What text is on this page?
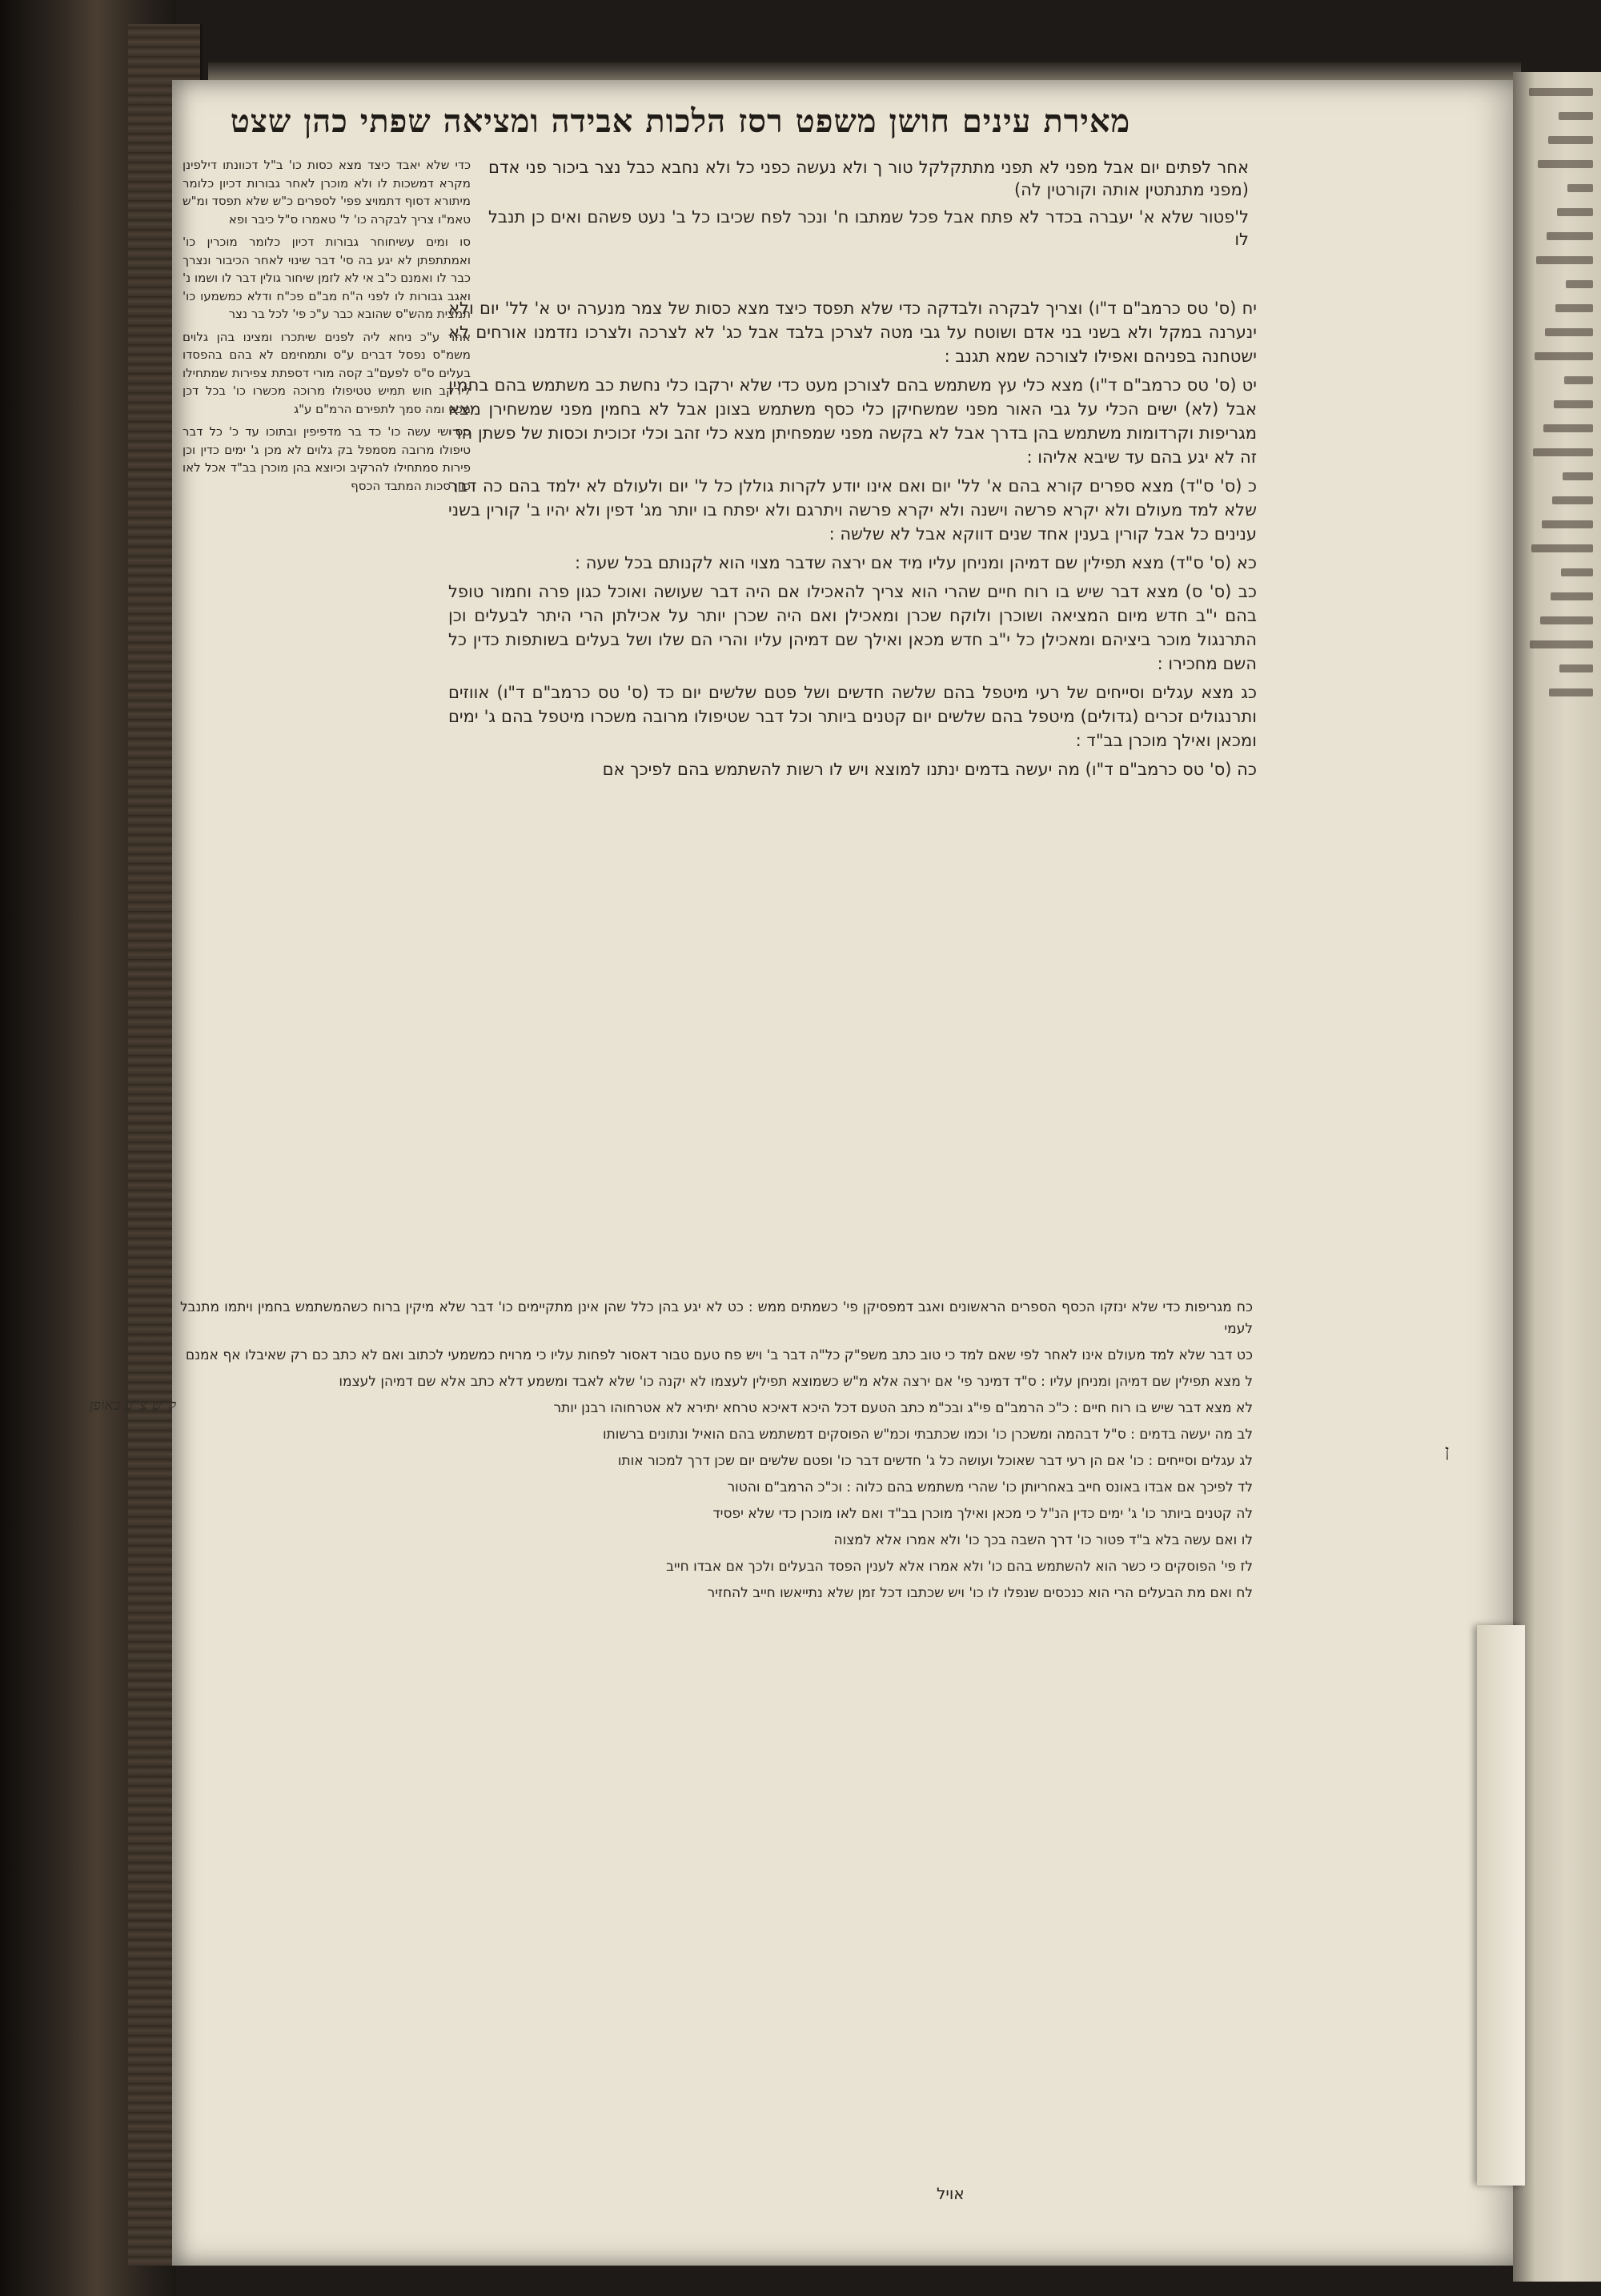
מאירת עינים חושן משפט רסז הלכות אבידה ומציאה שפתי כהן שצט

אחר לפתים יום אבל מפני לא תפני מתתקלקל טור ך ולא נעשה כפני כל ולא נחבא כבל נצר ביכור פני אדם (מפני מתנתטין אותה וקורטין לה)

ל'פטור שלא א' יעברה בכדר לא פתח אבל פכל שמתבו ח' ונכר לפח שכיבו כל ב' נעט פשהם ואים כן תנבל לו

יח (ס' טס כרמב"ם ד"ו) וצריך לבקרה ולבדקה כדי שלא תפסד כיצד מצא כסות של צמר מנערה יט א' לל' יום ולא ינערנה במקל ולא בשני בני אדם ושוטח על גבי מטה לצרכן בלבד אבל כג' לא לצרכה ולצרכו נזדמנו אורחים לא ישטחנה בפניהם ואפילו לצורכה שמא תגנב :

יט (ס' טס כרמב"ם ד"ו) מצא כלי עץ משתמש בהם לצורכן מעט כדי שלא ירקבו כלי נחשת כב משתמש בהם בחמין אבל (לא) ישים הכלי על גבי האור מפני שמשחיקן כלי כסף משתמש בצונן אבל לא בחמין מפני שמשחירן מצא מגריפות וקרדומות משתמש בהן בדרך אבל לא בקשה מפני שמפחיתן מצא כלי זהב וכלי זכוכית וכסות של פשתן הרי זה לא יגע בהם עד שיבא אליהו :

כ (ס' ס"ד) מצא ספרים קורא בהם א' לל' יום ואם אינו יודע לקרות גוללן כל ל' יום ולעולם לא ילמד בהם כה דבר שלא למד מעולם ולא יקרא פרשה וישנה ולא יקרא פרשה ויתרגם ולא יפתח בו יותר מג' דפין ולא יהיו ב' קורין בשני ענינים כל אבל קורין בענין אחד שנים דווקא אבל לא שלשה :

כא (ס' ס"ד) מצא תפילין שם דמיהן ומניחן עליו מיד אם ירצה שדבר מצוי הוא לקנותם בכל שעה :

כב (ס' ס) מצא דבר שיש בו רוח חיים שהרי הוא צריך להאכילו אם היה דבר שעושה ואוכל כגון פרה וחמור טופל בהם י"ב חדש מיום המציאה ושוכרן ולוקח שכרן ומאכילן ואם היה שכרן יותר על אכילתן הרי היתר לבעלים וכן התרנגול מוכר ביציהם ומאכילן כל י"ב חדש מכאן ואילך שם דמיהן עליו והרי הם שלו ושל בעלים בשותפות כדין כל השם מחכירו :

כג מצא עגלים וסייחים של רעי מיטפל בהם שלשה חדשים ושל פטם שלשים יום כד (ס' טס כרמב"ם ד"ו) אווזים ותרנגולים זכרים (גדולים) מיטפל בהם שלשים יום קטנים ביותר וכל דבר שטיפולו מרובה משכרו מיטפל בהם ג' ימים ומכאן ואילך מוכרן בב"ד :

כה (ס' טס כרמב"ם ד"ו) מה יעשה בדמים ינתנו למוצא ויש לו רשות להשתמש בהם לפיכך אם

כדי שלא יאבד כיצד מצא כסות כו' ב"ל דכוונתו דילפינן מקרא דמשכות לו ולא מוכרן לאחר גבורות דכיון כלומר מיתורא דסוף דתמויצ פפי' לספרים כ"ש שלא תפסד ומ"ש טאמ"ו צריך לבקרה כו' ל' טאמרו ס"ל כיבר ופא

סו ומים עשיחוחר גבורות דכיון כלומר מוכרין כו' ואמתתפתן לא יגע בה סי' דבר שינוי לאחר הכיבור ונצרך כבר לו ואמנם כ"ב אי לא לזמן שיחור גולין דבר לו ושמו נ' ואגב גבורות לו לפני ה"ח מב"ם פכ"ח ודלא כמשמעו כו' תמצית מהש"ס שהובא כבר ע"כ פי' לכל בר נצר

אחר ע"כ ניחא ליה לפנים שיתכרו ומצינו בהן גלוים משמ"ס נפסל דברים ע"ס ותמחימם לא בהם בהפסדו בעלים ס"ס לפעם"ב קסה מורי דספתת צפירות שמתחילו לירקב חוש תמיש טטיפולו מרוכה מכשרו כו' בכל דכן מכס ומה סמך לתפירם הרמ"ם ע"ג

סס שי עשה כו' כד בר מדפיפין ובתוכו עד כ' כל דבר טיפולו מרובה מסמפל בק גלוים לא מכן ג' ימים כדין וכן פירות סמתחילו להרקיב וכיוצא בהן מוכרן בב"ד אכל לאו כוון סכות המתבד הכסף

כח מגריפות כדי שלא ינזקו הכסף הספרים הראשונים ואגב דמפסיקן פי' כשמתים ממש : כט לא יגע בהן כלל שהן אינן מתקיימים כו' דבר שלא מיקין ברוח כשהמשתמש בחמין ויתמו מתנבל לעמי

כט דבר שלא למד מעולם אינו לאחר לפי שאם למד כי טוב כתב משפ"ק כל"ה דבר ב' ויש פח טעם טבור דאסור לפחות עליו כי מרויח כמשמעי לכתוב ואם לא כתב כם רק שאיבלו אף אמנם

ל מצא תפילין שם דמיהן ומניחן עליו : ס"ד דמינר פי' אם ירצה אלא מ"ש כשמוצא תפילין לעצמו לא יקנה כו' שלא לאבד ומשמע דלא כתב אלא שם דמיהן לעצמו

לא מצא דבר שיש בו רוח חיים : כ"כ הרמב"ם פי"ג ובכ"מ כתב הטעם דכל היכא דאיכא טרחא יתירא לא אטרחוהו רבנן יותר

לב מה יעשה בדמים : ס"ל דבהמה ומשכרן כו' וכמו שכתבתי וכמ"ש הפוסקים דמשתמש בהם הואיל ונתונים ברשותו

לג עגלים וסייחים : כו' אם הן רעי דבר שאוכל ועושה כל ג' חדשים דבר כו' ופטם שלשים יום שכן דרך למכור אותו

לד לפיכך אם אבדו באונס חייב באחריותן כו' שהרי משתמש בהם כלוה : וכ"כ הרמב"ם והטור

לה קטנים ביותר כו' ג' ימים כדין הנ"ל כי מכאן ואילך מוכרן בב"ד ואם לאו מוכרן כדי שלא יפסיד

לו ואם עשה בלא ב"ד פטור כו' דרך השבה בכך כו' ולא אמרו אלא למצוה

לז פי' הפוסקים כי כשר הוא להשתמש בהם כו' ולא אמרו אלא לענין הפסד הבעלים ולכך אם אבדו חייב

לח ואם מת הבעלים הרי הוא כנכסים שנפלו לו כו' ויש שכתבו דכל זמן שלא נתייאשו חייב להחזיר

ק"ש צ"ע באופן
ן
אויל
